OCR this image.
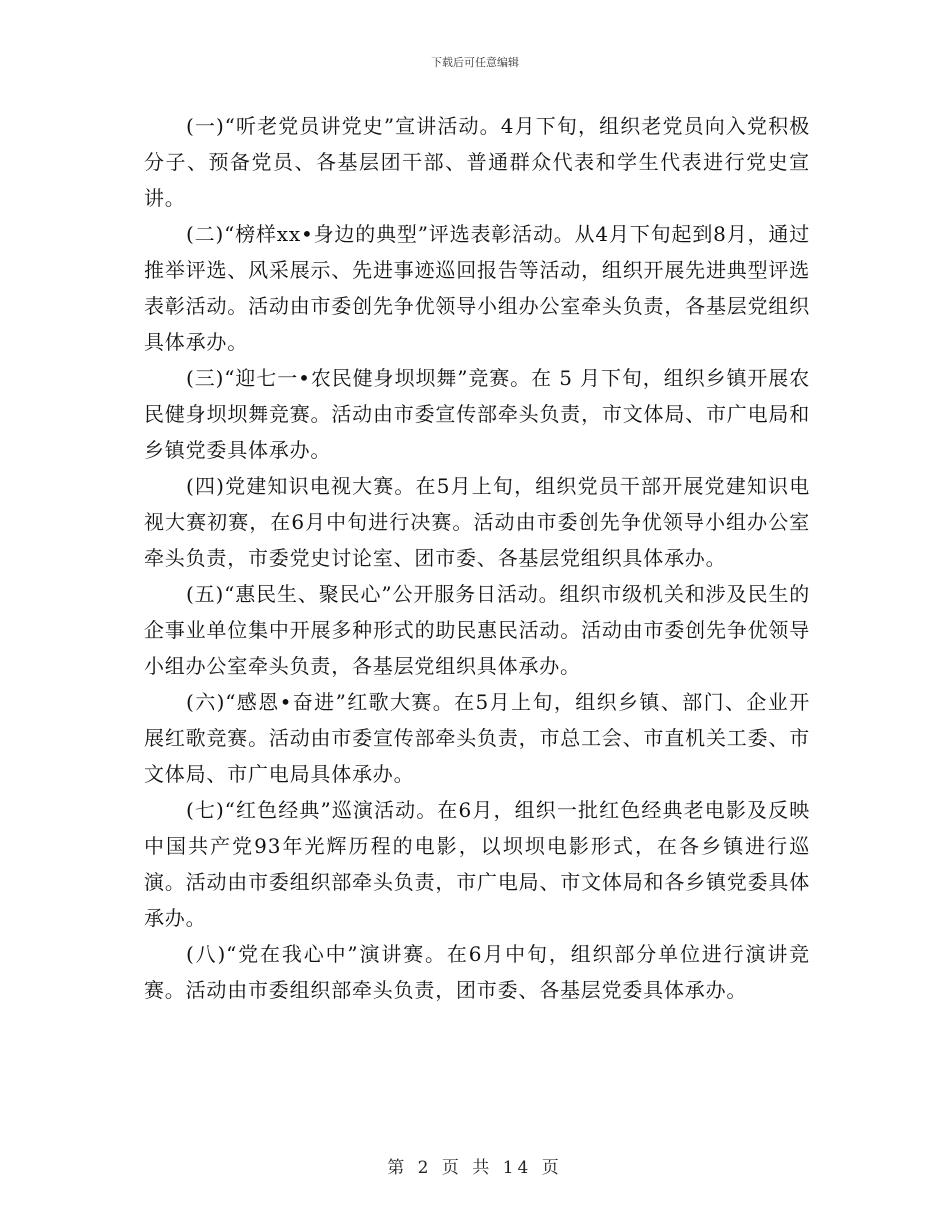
下载后可任意编辑

(一)“听老党员讲党史”宣讲活动。4月下旬，组织老党员向入党积极分子、预备党员、各基层团干部、普通群众代表和学生代表进行党史宣讲。

(二)“榜样xx•身边的典型”评选表彰活动。从4月下旬起到8月，通过推举评选、风采展示、先进事迹巡回报告等活动，组织开展先进典型评选表彰活动。活动由市委创先争优领导小组办公室牵头负责，各基层党组织具体承办。

(三)“迎七一•农民健身坝坝舞”竞赛。在 5 月下旬，组织乡镇开展农民健身坝坝舞竞赛。活动由市委宣传部牵头负责，市文体局、市广电局和乡镇党委具体承办。

(四)党建知识电视大赛。在5月上旬，组织党员干部开展党建知识电视大赛初赛，在6月中旬进行决赛。活动由市委创先争优领导小组办公室牵头负责，市委党史讨论室、团市委、各基层党组织具体承办。

(五)“惠民生、聚民心”公开服务日活动。组织市级机关和涉及民生的企事业单位集中开展多种形式的助民惠民活动。活动由市委创先争优领导小组办公室牵头负责，各基层党组织具体承办。

(六)“感恩•奋进”红歌大赛。在5月上旬，组织乡镇、部门、企业开展红歌竞赛。活动由市委宣传部牵头负责，市总工会、市直机关工委、市文体局、市广电局具体承办。

(七)“红色经典”巡演活动。在6月，组织一批红色经典老电影及反映中国共产党93年光辉历程的电影，以坝坝电影形式，在各乡镇进行巡演。活动由市委组织部牵头负责，市广电局、市文体局和各乡镇党委具体承办。

(八)“党在我心中”演讲赛。在6月中旬，组织部分单位进行演讲竞赛。活动由市委组织部牵头负责，团市委、各基层党委具体承办。

第 2 页 共 14 页
